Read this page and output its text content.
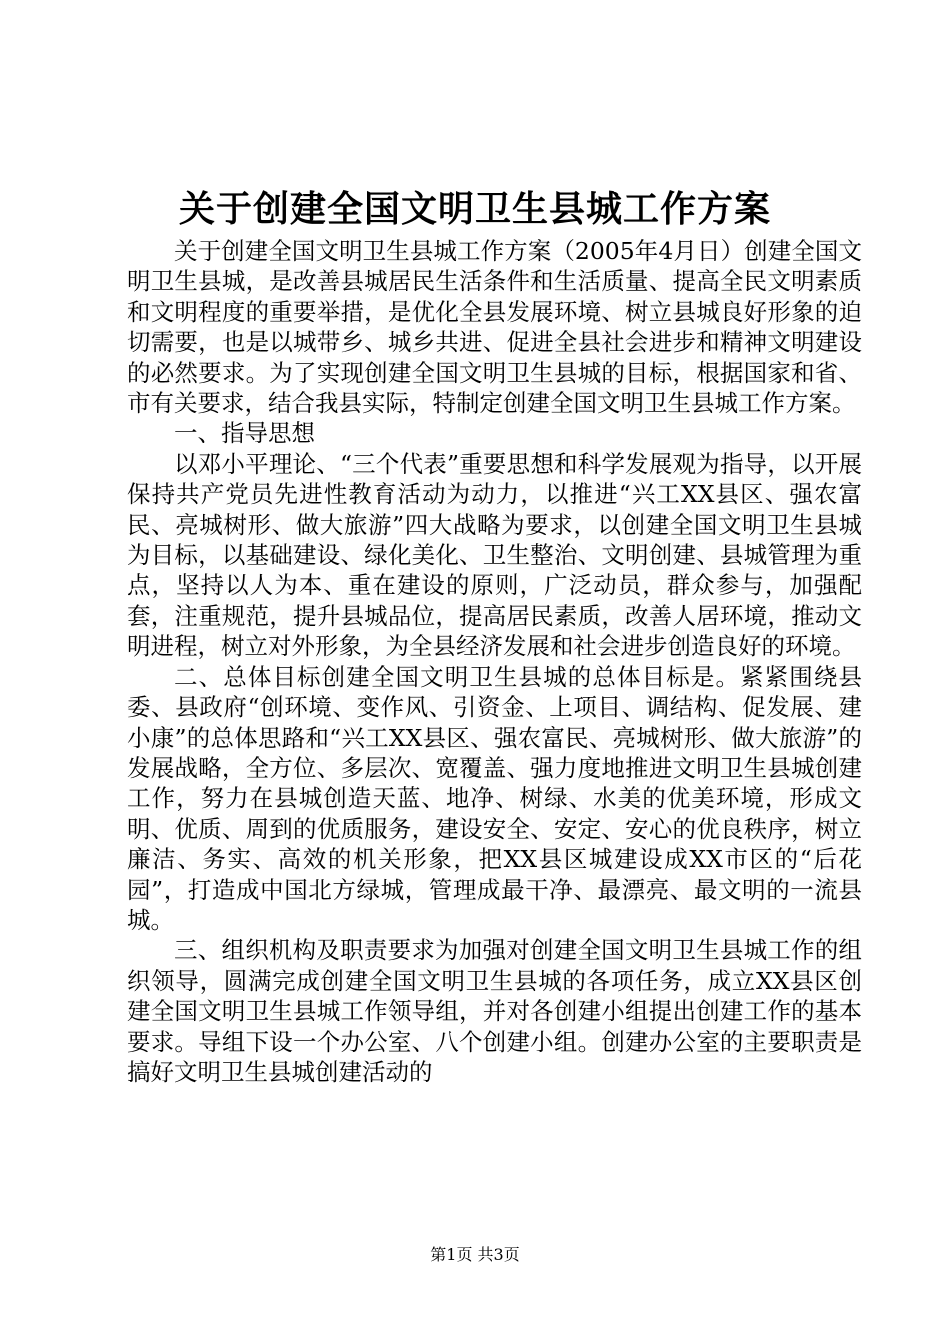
关于创建全国文明卫生县城工作方案

关于创建全国文明卫生县城工作方案（2005年4月日）创建全国文明卫生县城，是改善县城居民生活条件和生活质量、提高全民文明素质和文明程度的重要举措，是优化全县发展环境、树立县城良好形象的迫切需要，也是以城带乡、城乡共进、促进全县社会进步和精神文明建设的必然要求。为了实现创建全国文明卫生县城的目标，根据国家和省、市有关要求，结合我县实际，特制定创建全国文明卫生县城工作方案。

一、指导思想

以邓小平理论、“三个代表”重要思想和科学发展观为指导，以开展保持共产党员先进性教育活动为动力，以推进“兴工XX县区、强农富民、亮城树形、做大旅游”四大战略为要求，以创建全国文明卫生县城为目标，以基础建设、绿化美化、卫生整治、文明创建、县城管理为重点，坚持以人为本、重在建设的原则，广泛动员，群众参与，加强配套，注重规范，提升县城品位，提高居民素质，改善人居环境，推动文明进程，树立对外形象，为全县经济发展和社会进步创造良好的环境。

二、总体目标创建全国文明卫生县城的总体目标是。紧紧围绕县委、县政府“创环境、变作风、引资金、上项目、调结构、促发展、建小康”的总体思路和“兴工XX县区、强农富民、亮城树形、做大旅游”的发展战略，全方位、多层次、宽覆盖、强力度地推进文明卫生县城创建工作，努力在县城创造天蓝、地净、树绿、水美的优美环境，形成文明、优质、周到的优质服务，建设安全、安定、安心的优良秩序，树立廉洁、务实、高效的机关形象，把XX县区城建设成XX市区的“后花园”，打造成中国北方绿城，管理成最干净、最漂亮、最文明的一流县城。

三、组织机构及职责要求为加强对创建全国文明卫生县城工作的组织领导，圆满完成创建全国文明卫生县城的各项任务，成立XX县区创建全国文明卫生县城工作领导组，并对各创建小组提出创建工作的基本要求。导组下设一个办公室、八个创建小组。创建办公室的主要职责是搞好文明卫生县城创建活动的

第1页 共3页
